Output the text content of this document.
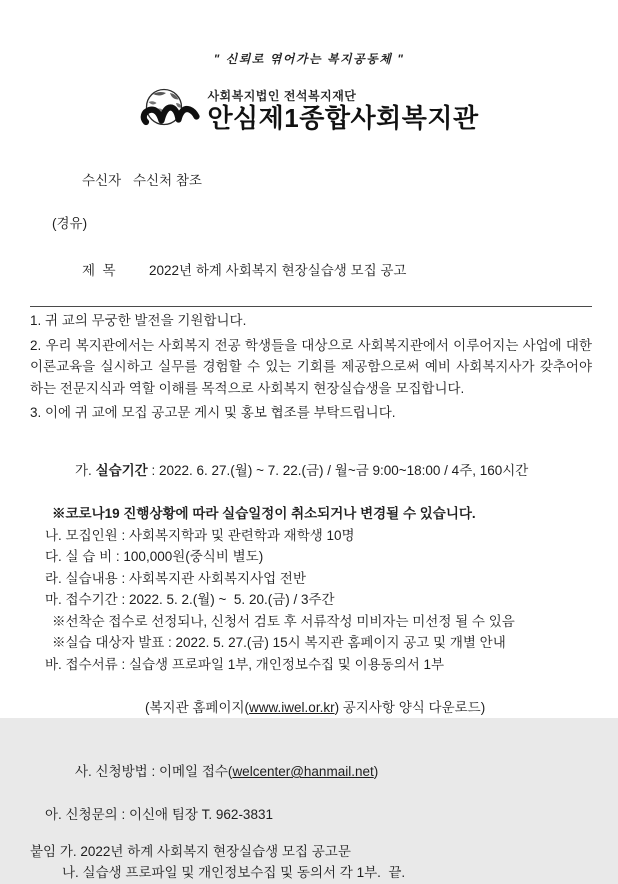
" 신뢰로 엮어가는 복지공동체 "
사회복지법인 전석복지재단
안심제1종합사회복지관

수신자 수신처 참조

(경유)

제  목 2022년 하계 사회복지 현장실습생 모집 공고

1. 귀 교의 무궁한 발전을 기원합니다.

2. 우리 복지관에서는 사회복지 전공 학생들을 대상으로 사회복지관에서 이루어지는 사업에 대한 이론교육을 실시하고 실무를 경험할 수 있는 기회를 제공함으로써 예비 사회복지사가 갖추어야 하는 전문지식과 역할 이해를 목적으로 사회복지 현장실습생을 모집합니다.

3. 이에 귀 교에 모집 공고문 게시 및 홍보 협조를 부탁드립니다.

가. 실습기간 : 2022. 6. 27.(월) ~ 7. 22.(금) / 월~금 9:00~18:00 / 4주, 160시간

※코로나19 진행상황에 따라 실습일정이 취소되거나 변경될 수 있습니다.
나. 모집인원 : 사회복지학과 및 관련학과 재학생 10명
다. 실 습 비 : 100,000원(중식비 별도)
라. 실습내용 : 사회복지관 사회복지사업 전반
마. 접수기간 : 2022. 5. 2.(월) ~  5. 20.(금) / 3주간
※선착순 접수로 선정되나, 신청서 검토 후 서류작성 미비자는 미선정 될 수 있음
※실습 대상자 발표 : 2022. 5. 27.(금) 15시 복지관 홈페이지 공고 및 개별 안내
바. 접수서류 : 실습생 프로파일 1부, 개인정보수집 및 이용동의서 1부

(복지관 홈페이지(www.iwel.or.kr) 공지사항 양식 다운로드)

사. 신청방법 : 이메일 접수(welcenter@hanmail.net)

아. 신청문의 : 이신애 팀장 T. 962-3831
붙임 가. 2022년 하계 사회복지 현장실습생 모집 공고문
나. 실습생 프로파일 및 개인정보수집 및 동의서 각 1부.  끝.
